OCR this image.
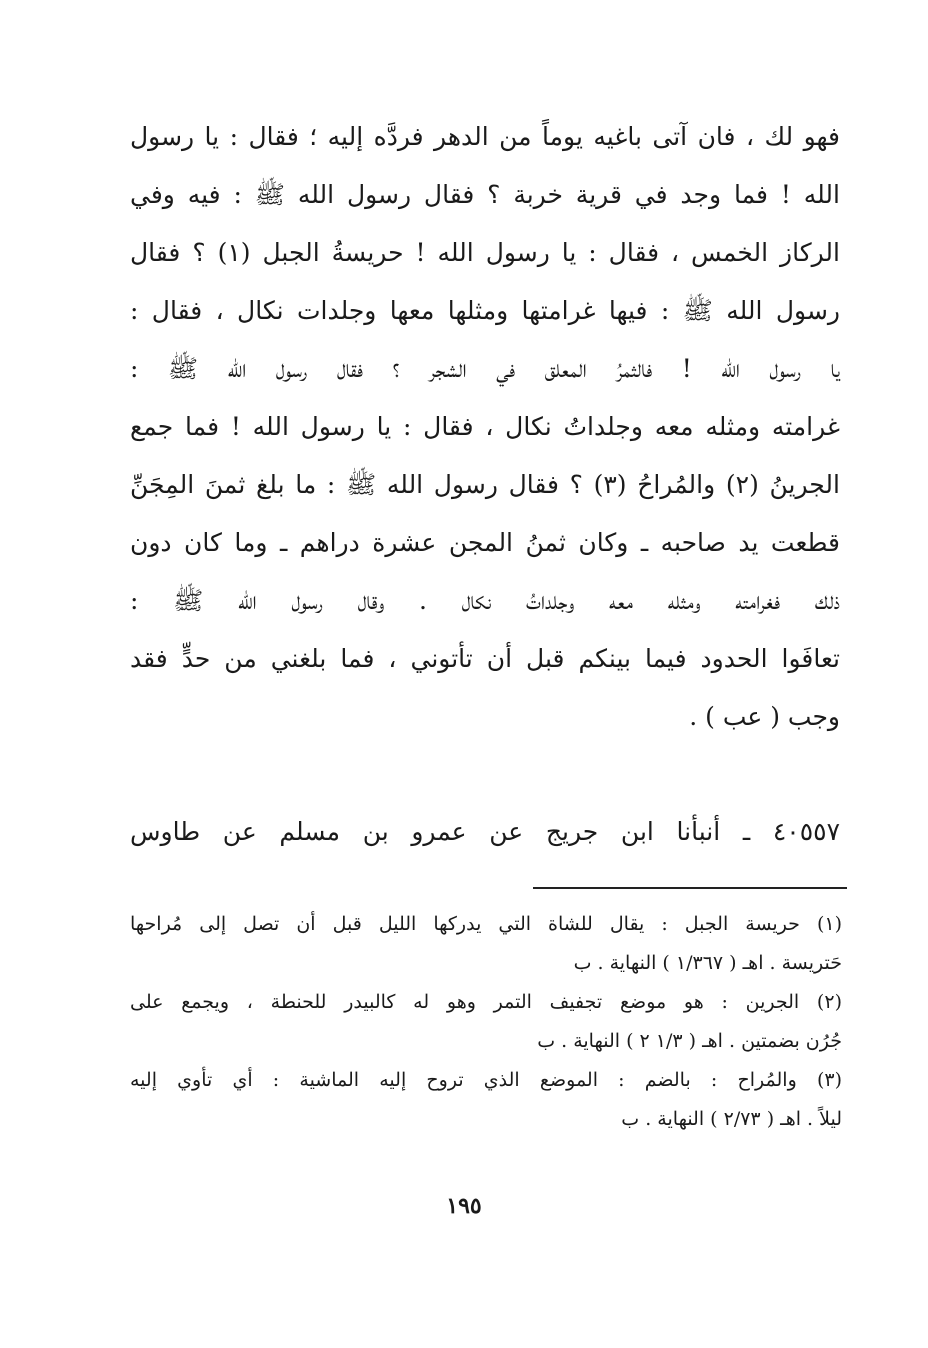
فهو لك ، فان آتى باغيه يوماً من الدهر فردَّه إليه ؛ فقال : يا رسول
الله ! فما وجد في قرية خربة ؟ فقال رسول الله ﷺ : فيه وفي
الركاز الخمس ، فقال : يا رسول الله ! حريسةُ الجبل (١) ؟ فقال
رسول الله ﷺ : فيها غرامتها ومثلها معها وجلدات نكال ، فقال :
يا رسول الله ! فالثمرُ المعلق في الشجر ؟ فقال رسول الله ﷺ :
غرامته ومثله معه وجلداتُ نكال ، فقال : يا رسول الله ! فما جمع
الجرينُ (٢) والمُراحُ (٣) ؟ فقال رسول الله ﷺ : ما بلغ ثمنَ المِجَنِّ
قطعت يد صاحبه ـ وكان ثمنُ المجن عشرة دراهم ـ وما كان دون
ذلك فغرامته ومثله معه وجلداتُ نكال . وقال رسول الله ﷺ :
تعافَوا الحدود فيما بينكم قبل أن تأتوني ، فما بلغني من حدٍّ فقد
وجب ( عب ) .
٤٠٥٥٧ ـ أنبأنا ابن جريج عن عمرو بن مسلم عن طاوس
(١) حريسة الجبل : يقال للشاة التي يدركها الليل قبل أن تصل إلى مُراحها
حَتريسة . اهـ ( ١/٣٦٧ ) النهاية . ب
(٢) الجرين : هو موضع تجفيف التمر وهو له كالبيدر للحنطة ، ويجمع على
جُرُن بضمتين . اهـ ( ١/٣ ٢ ) النهاية . ب
(٣) والمُراح : بالضم : الموضع الذي تروح إليه الماشية : أي تأوي إليه
ليلاً . اهـ ( ٢/٧٣ ) النهاية . ب
١٩٥
